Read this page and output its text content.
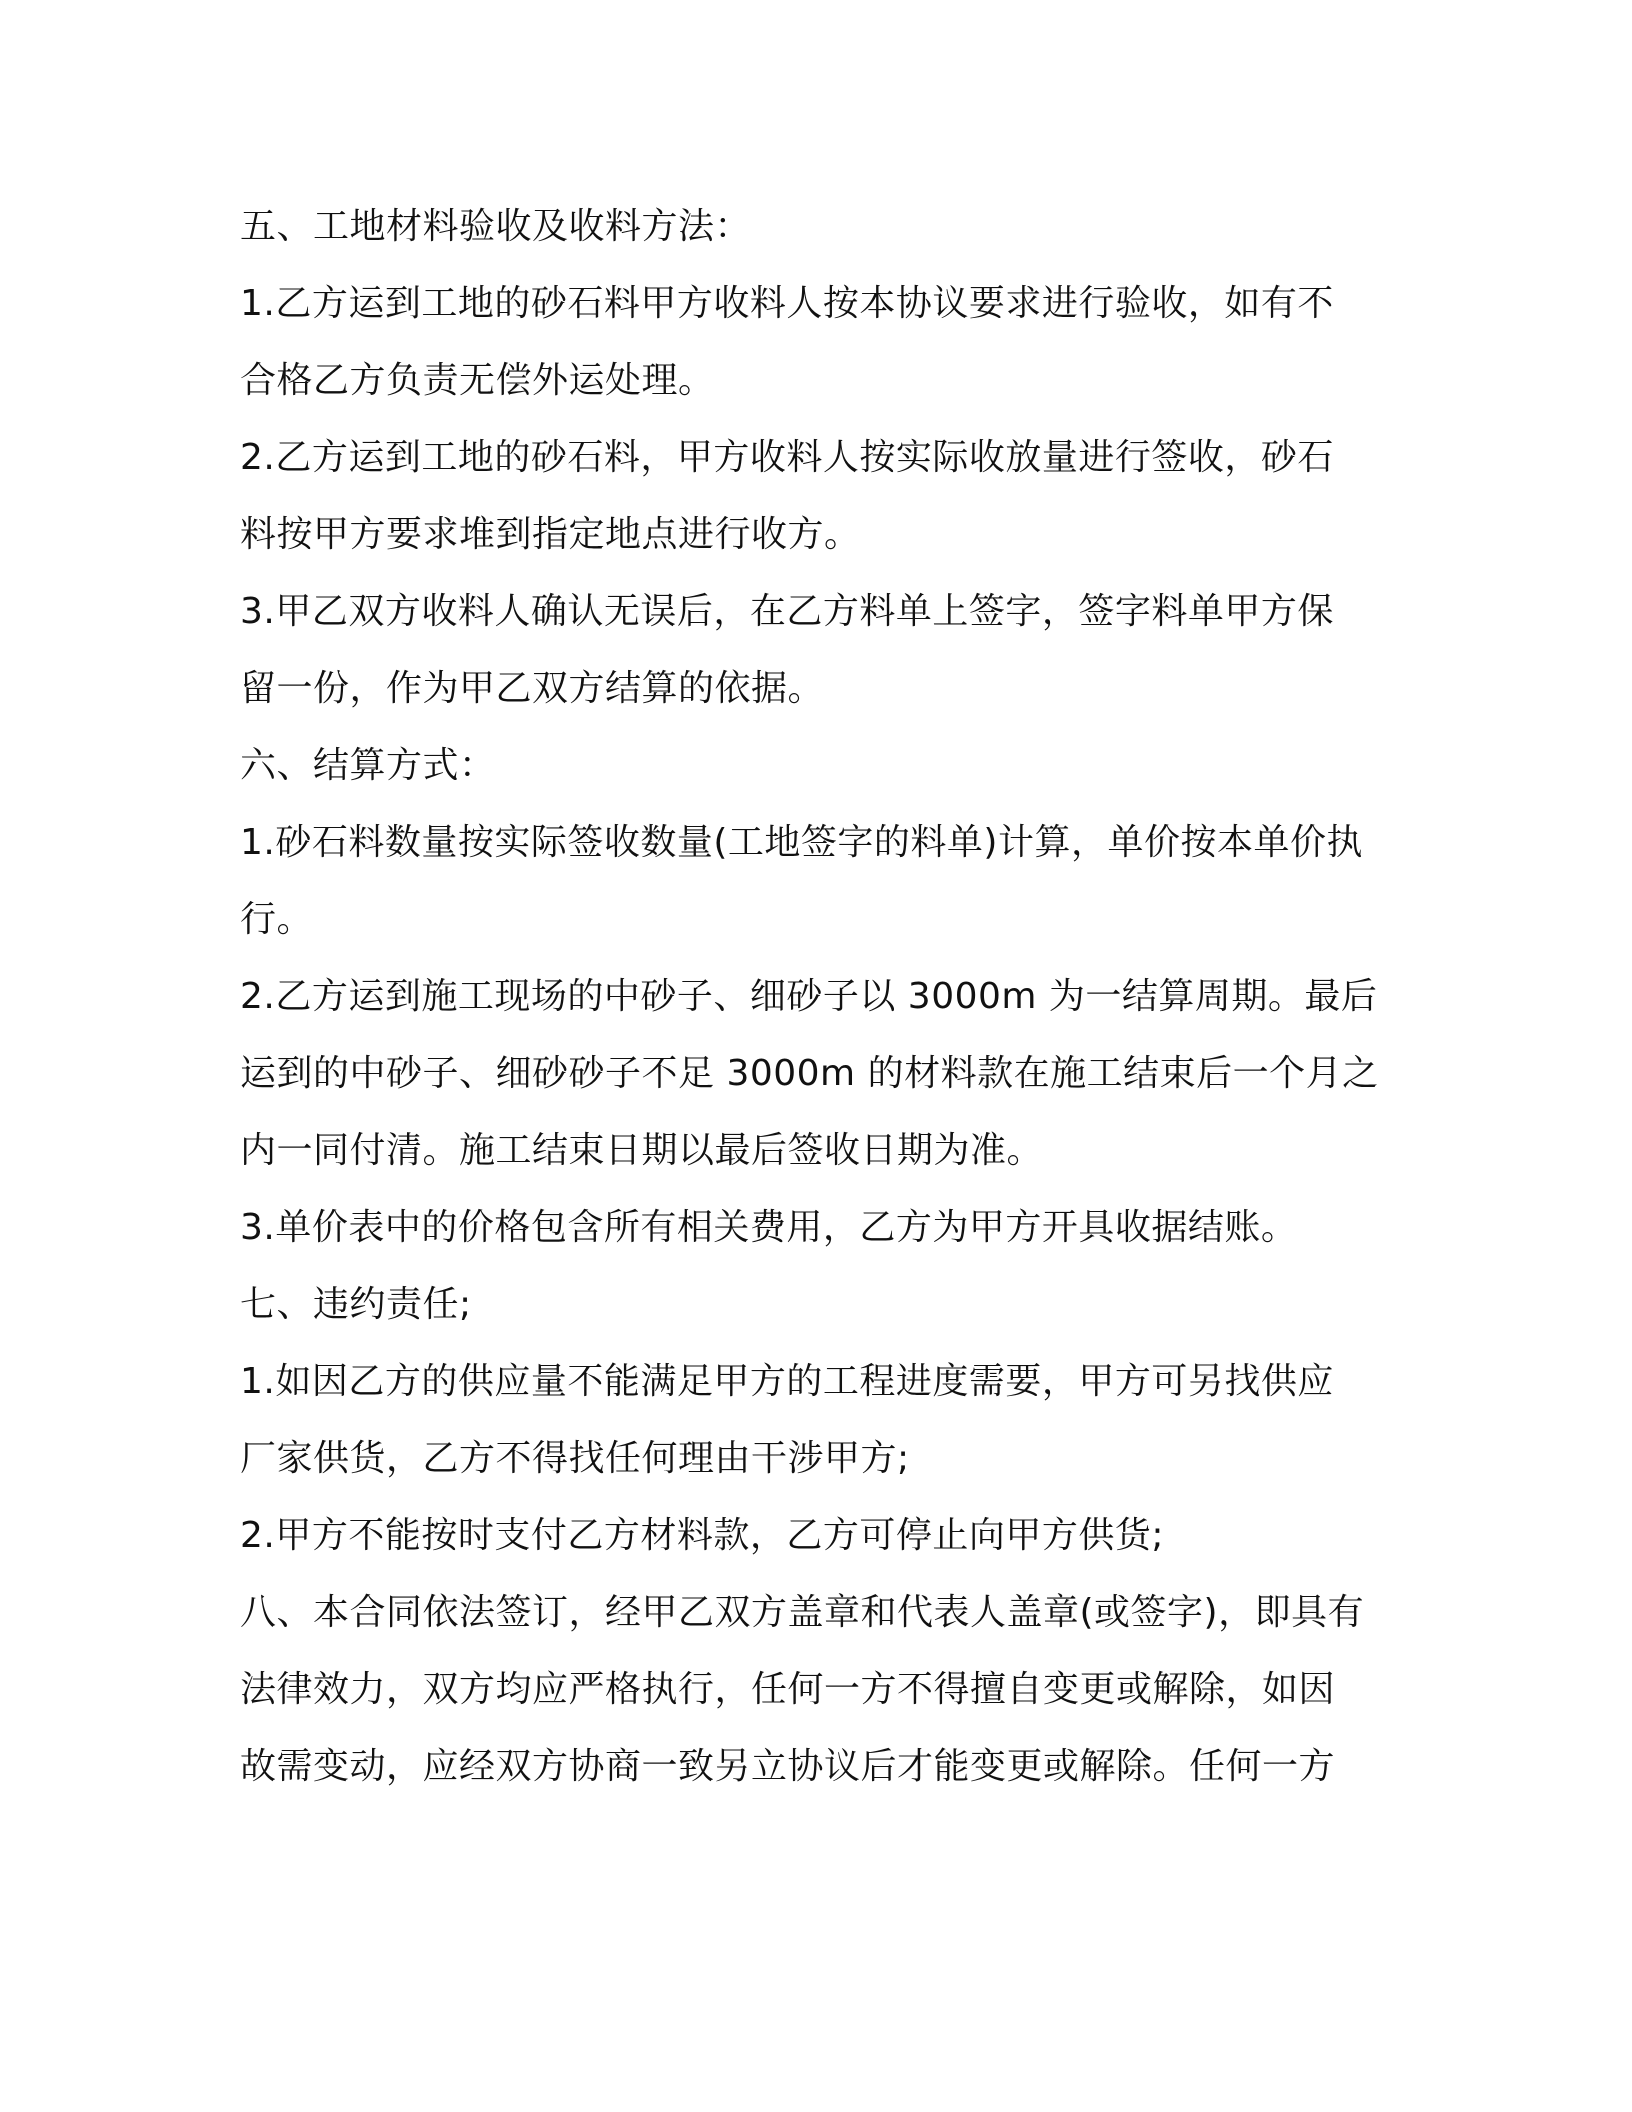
五、工地材料验收及收料方法：
1.乙方运到工地的砂石料甲方收料人按本协议要求进行验收，如有不
合格乙方负责无偿外运处理。
2.乙方运到工地的砂石料，甲方收料人按实际收放量进行签收，砂石
料按甲方要求堆到指定地点进行收方。
3.甲乙双方收料人确认无误后，在乙方料单上签字，签字料单甲方保
留一份，作为甲乙双方结算的依据。
六、结算方式：
1.砂石料数量按实际签收数量(工地签字的料单)计算，单价按本单价执
行。
2.乙方运到施工现场的中砂子、细砂子以 3000m 为一结算周期。最后
运到的中砂子、细砂砂子不足 3000m 的材料款在施工结束后一个月之
内一同付清。施工结束日期以最后签收日期为准。
3.单价表中的价格包含所有相关费用，乙方为甲方开具收据结账。
七、违约责任;
1.如因乙方的供应量不能满足甲方的工程进度需要，甲方可另找供应
厂家供货，乙方不得找任何理由干涉甲方;
2.甲方不能按时支付乙方材料款，乙方可停止向甲方供货;
八、本合同依法签订，经甲乙双方盖章和代表人盖章(或签字)，即具有
法律效力，双方均应严格执行，任何一方不得擅自变更或解除，如因
故需变动，应经双方协商一致另立协议后才能变更或解除。任何一方
